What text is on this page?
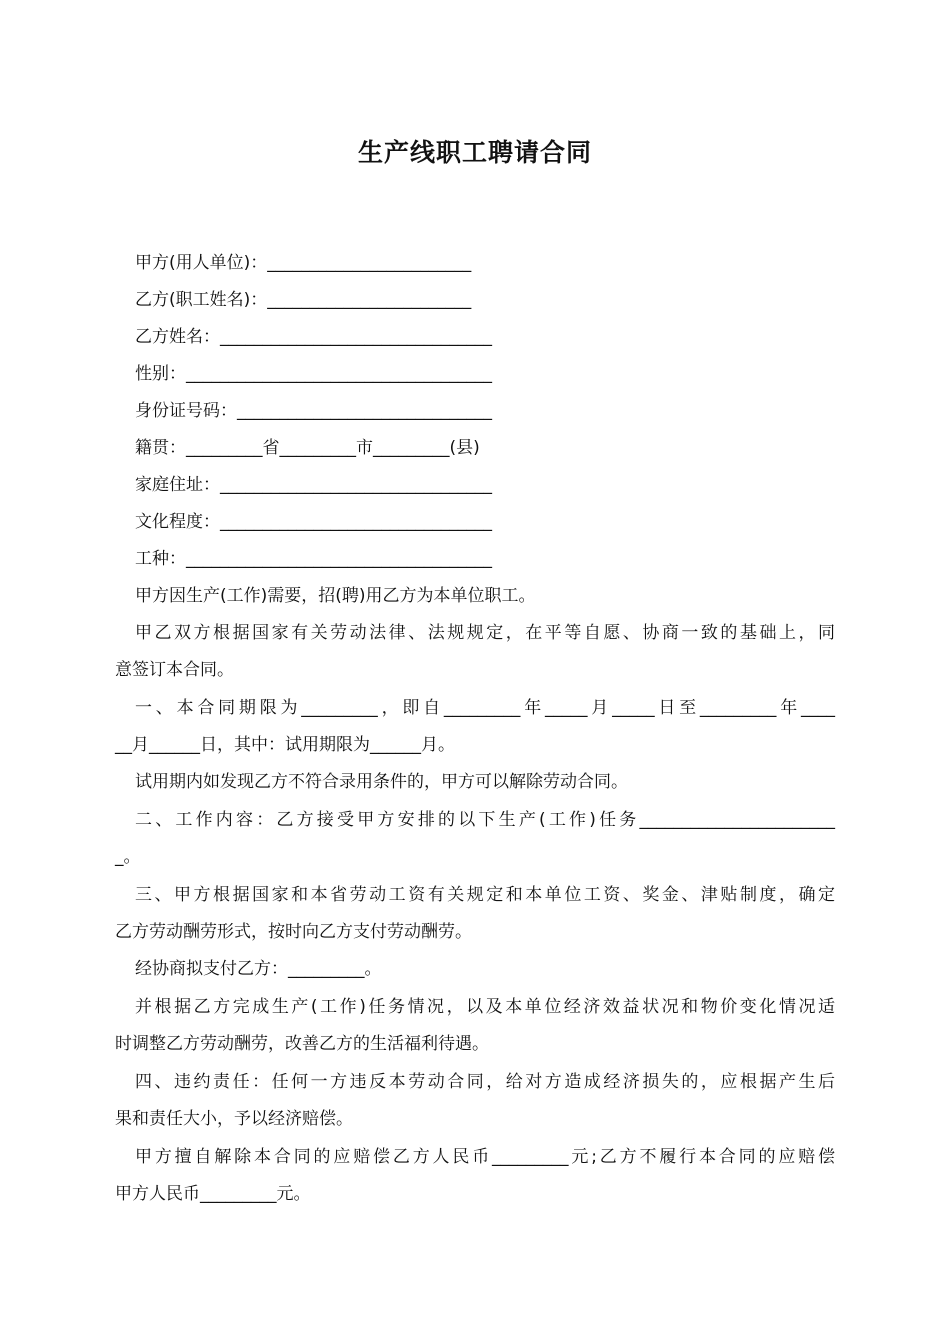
生产线职工聘请合同
甲方(用人单位)：________________________
乙方(职工姓名)：________________________
乙方姓名：________________________________
性别：____________________________________
身份证号码：______________________________
籍贯：_________省_________市_________(县)
家庭住址：________________________________
文化程度：________________________________
工种：____________________________________
甲方因生产(工作)需要，招(聘)用乙方为本单位职工。
甲乙双方根据国家有关劳动法律、法规规定，在平等自愿、协商一致的基础上，同
意签订本合同。
一、本合同期限为_________，即自_________年_____月_____日至_________年____
__月______日，其中：试用期限为______月。
试用期内如发现乙方不符合录用条件的，甲方可以解除劳动合同。
二、工作内容：乙方接受甲方安排的以下生产(工作)任务_______________________
_。
三、甲方根据国家和本省劳动工资有关规定和本单位工资、奖金、津贴制度，确定
乙方劳动酬劳形式，按时向乙方支付劳动酬劳。
经协商拟支付乙方：_________。
并根据乙方完成生产(工作)任务情况，以及本单位经济效益状况和物价变化情况适
时调整乙方劳动酬劳，改善乙方的生活福利待遇。
四、违约责任：任何一方违反本劳动合同，给对方造成经济损失的，应根据产生后
果和责任大小，予以经济赔偿。
甲方擅自解除本合同的应赔偿乙方人民币_________元;乙方不履行本合同的应赔偿
甲方人民币_________元。
